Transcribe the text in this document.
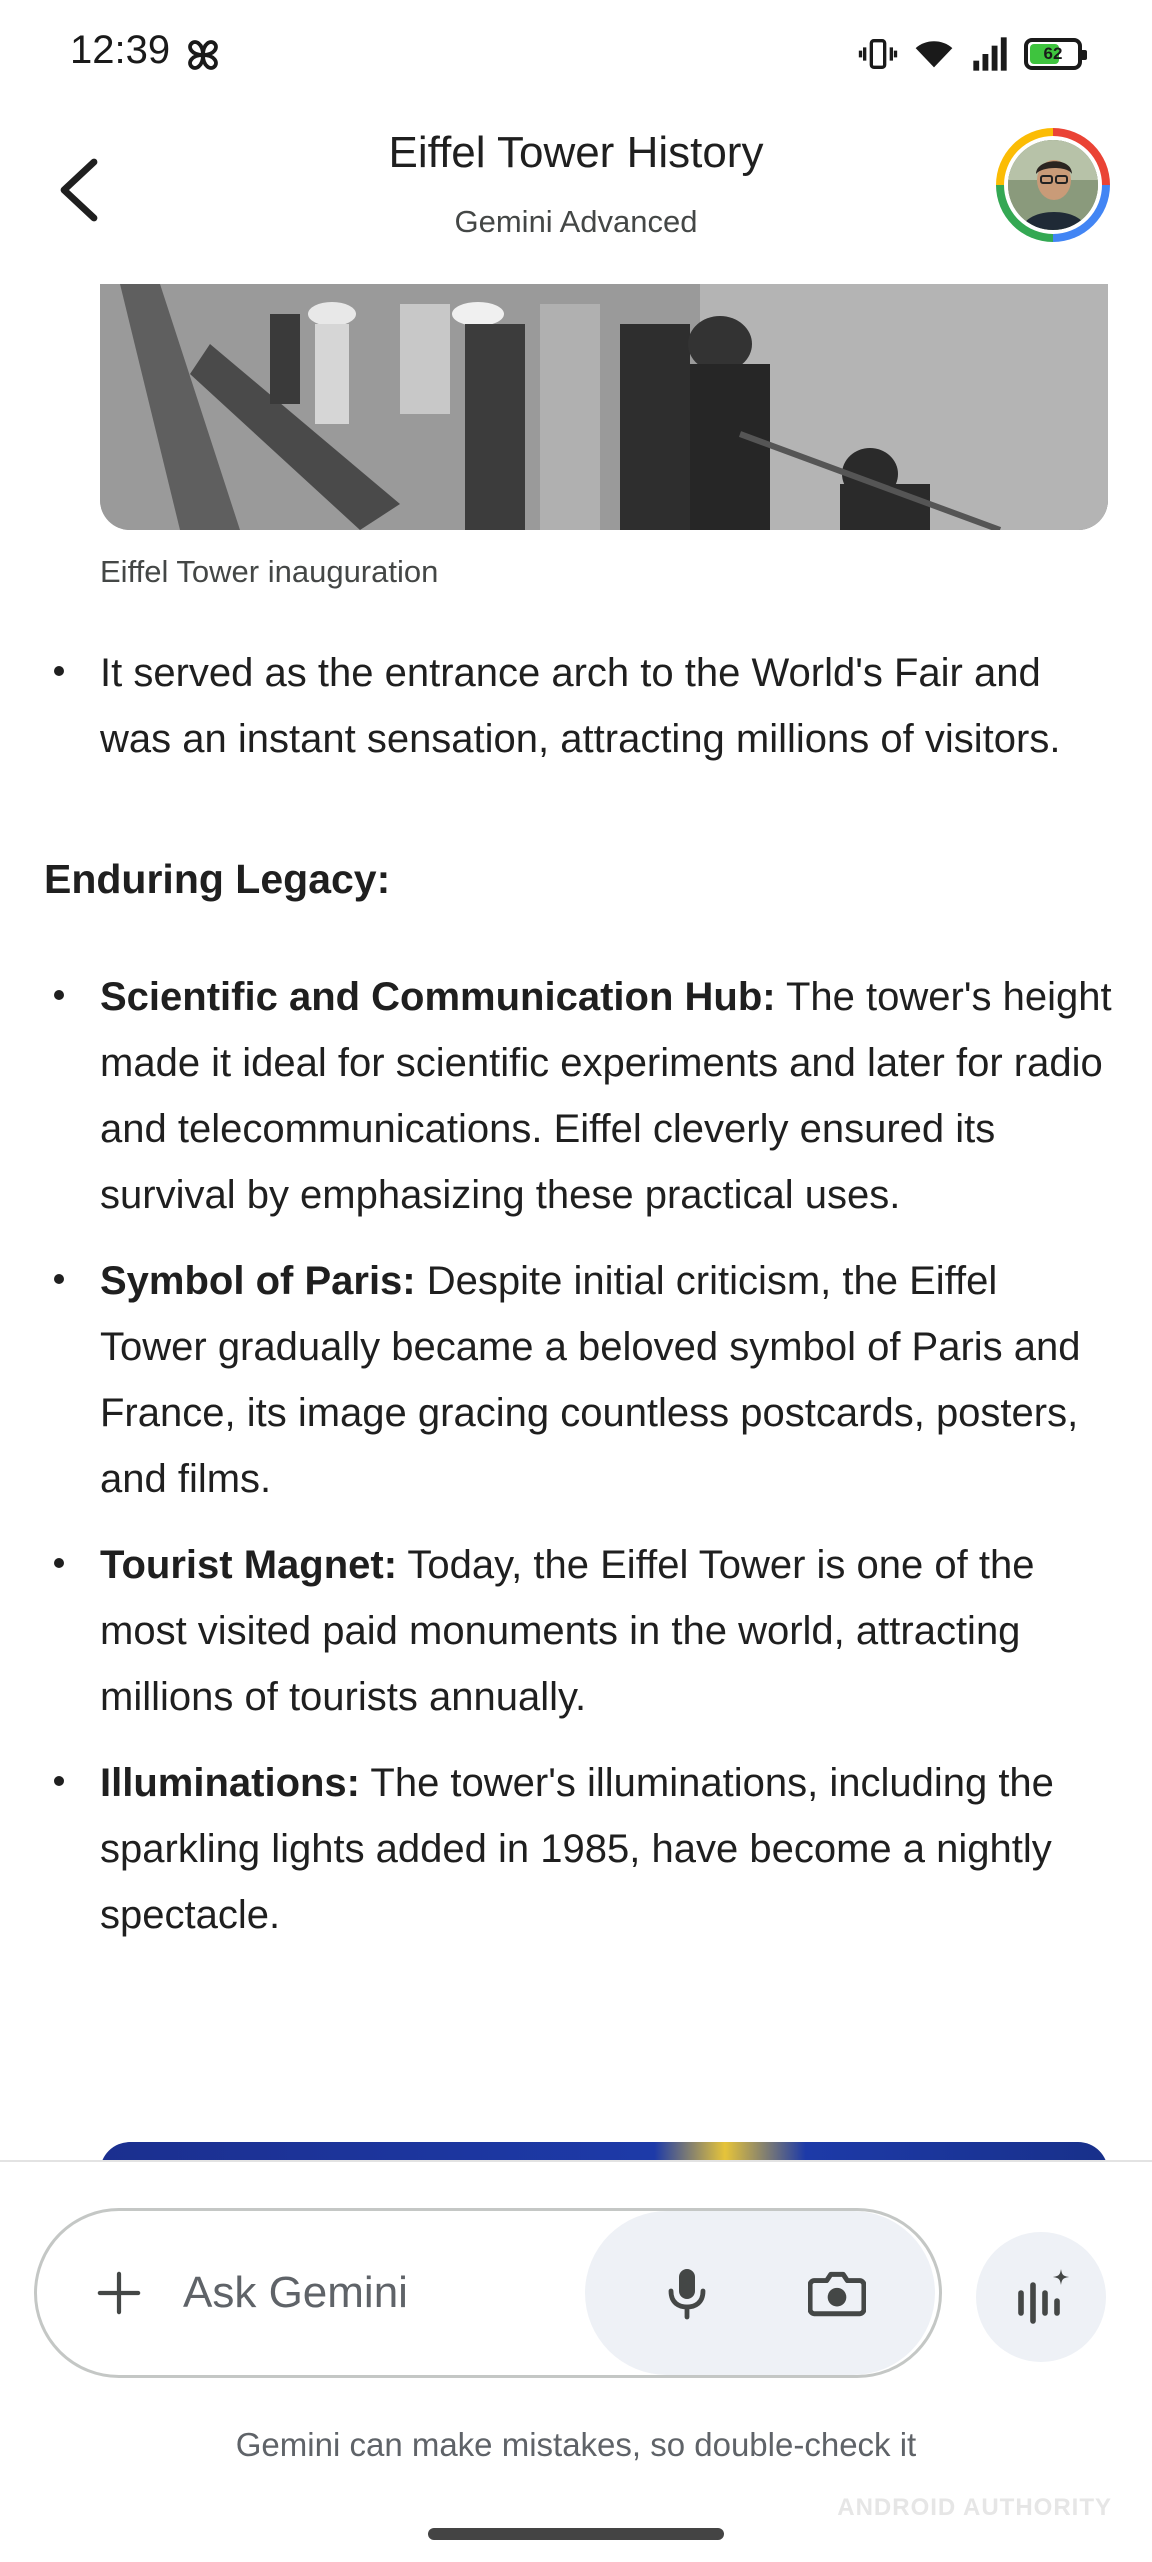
12:39	62
Eiffel Tower History
Gemini Advanced
Eiffel Tower inauguration
It served as the entrance arch to the World's Fair and was an instant sensation, attracting millions of visitors.
Enduring Legacy:
Scientific and Communication Hub: The tower's height made it ideal for scientific experiments and later for radio and telecommunications. Eiffel cleverly ensured its survival by emphasizing these practical uses.
Symbol of Paris: Despite initial criticism, the Eiffel Tower gradually became a beloved symbol of Paris and France, its image gracing countless postcards, posters, and films.
Tourist Magnet: Today, the Eiffel Tower is one of the most visited paid monuments in the world, attracting millions of tourists annually.
Illuminations: The tower's illuminations, including the sparkling lights added in 1985, have become a nightly spectacle.
Ask Gemini
Gemini can make mistakes, so double-check it
ANDROID AUTHORITY
